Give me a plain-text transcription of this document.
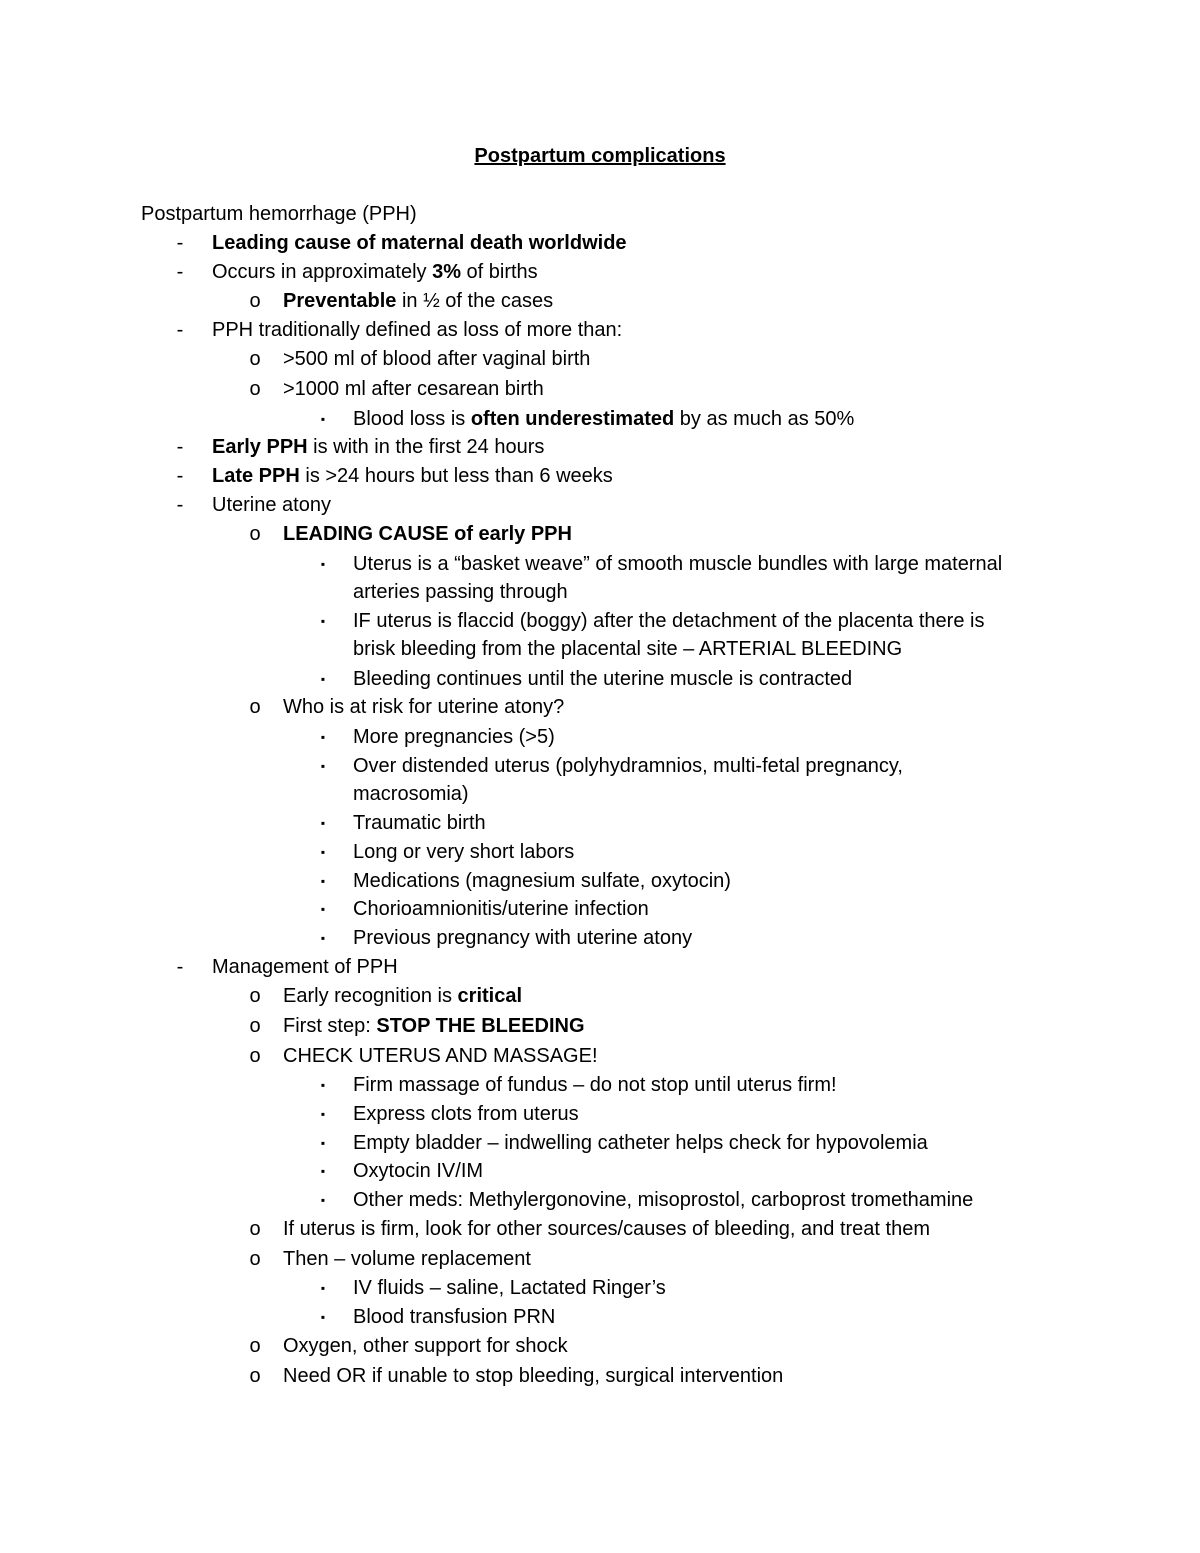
Postpartum complications
Postpartum hemorrhage (PPH)
-	Leading cause of maternal death worldwide
-	Occurs in approximately 3% of births
o Preventable in ½ of the cases
-	PPH traditionally defined as loss of more than:
o >500 ml of blood after vaginal birth
o >1000 ml after cesarean birth
▪	Blood loss is often underestimated by as much as 50%
-	Early PPH is with in the first 24 hours
-	Late PPH is >24 hours but less than 6 weeks
-	Uterine atony
o LEADING CAUSE of early PPH
▪	Uterus is a “basket weave” of smooth muscle bundles with large maternal
arteries passing through
▪	IF uterus is flaccid (boggy) after the detachment of the placenta there is
brisk bleeding from the placental site – ARTERIAL BLEEDING
▪	Bleeding continues until the uterine muscle is contracted
o Who is at risk for uterine atony?
▪	More pregnancies (>5)
▪	Over distended uterus (polyhydramnios, multi-fetal pregnancy,
macrosomia)
▪	Traumatic birth
▪	Long or very short labors
▪	Medications (magnesium sulfate, oxytocin)
▪	Chorioamnionitis/uterine infection
▪	Previous pregnancy with uterine atony
-	Management of PPH
o Early recognition is critical
o First step: STOP THE BLEEDING
o CHECK UTERUS AND MASSAGE!
▪	Firm massage of fundus – do not stop until uterus firm!
▪	Express clots from uterus
▪	Empty bladder – indwelling catheter helps check for hypovolemia
▪	Oxytocin IV/IM
▪	Other meds: Methylergonovine, misoprostol, carboprost tromethamine
o If uterus is firm, look for other sources/causes of bleeding, and treat them
o Then – volume replacement
▪	IV fluids – saline, Lactated Ringer’s
▪	Blood transfusion PRN
o Oxygen, other support for shock
o Need OR if unable to stop bleeding, surgical intervention
